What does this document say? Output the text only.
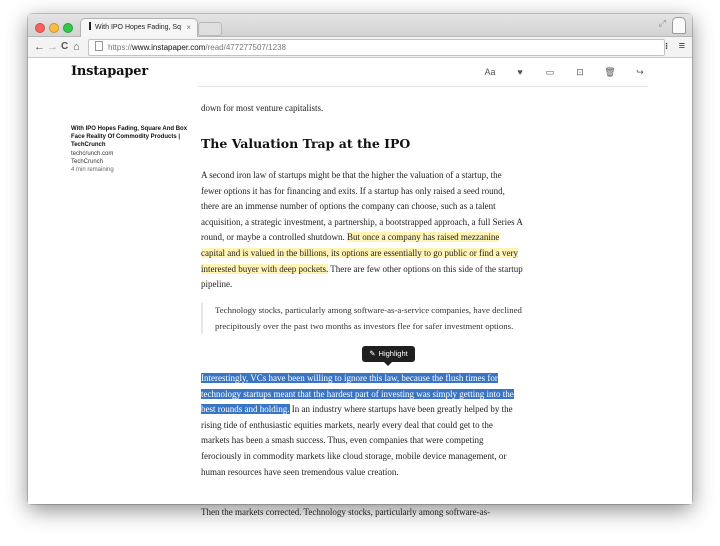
With IPO Hopes Fading, Sq ×	⤢
← → C ⌂	https://www.instapaper.com/read/477277507/1238	⁝ ≡
Instapaper	Aa ♥	▭ ⊡ 🗑 ↪
With IPO Hopes Fading, Square And Box Face Reality Of Commodity Products | TechCrunch
techcrunch.com
TechCrunch
4 min remaining
down for most venture capitalists.
The Valuation Trap at the IPO
A second iron law of startups might be that the higher the valuation of a startup, the fewer options it has for financing and exits. If a startup has only raised a seed round, there are an immense number of options the company can choose, such as a talent acquisition, a strategic investment, a partnership, a bootstrapped approach, a full Series A round, or maybe a controlled shutdown. But once a company has raised mezzanine capital and is valued in the billions, its options are essentially to go public or find a very interested buyer with deep pockets. There are few other options on this side of the startup pipeline.
Technology stocks, particularly among software-as-a-service companies, have declined precipitously over the past two months as investors flee for safer investment options.
Interestingly, VCs have been willing to ignore this law, because the flush times for technology startups meant that the hardest part of investing was simply getting into the best rounds and holding. In an industry where startups have been greatly helped by the rising tide of enthusiastic equities markets, nearly every deal that could get to the markets has been a smash success. Thus, even companies that were competing ferociously in commodity markets like cloud storage, mobile device management, or human resources have seen tremendous value creation.
Then the markets corrected. Technology stocks, particularly among software-as-
✎ Highlight
